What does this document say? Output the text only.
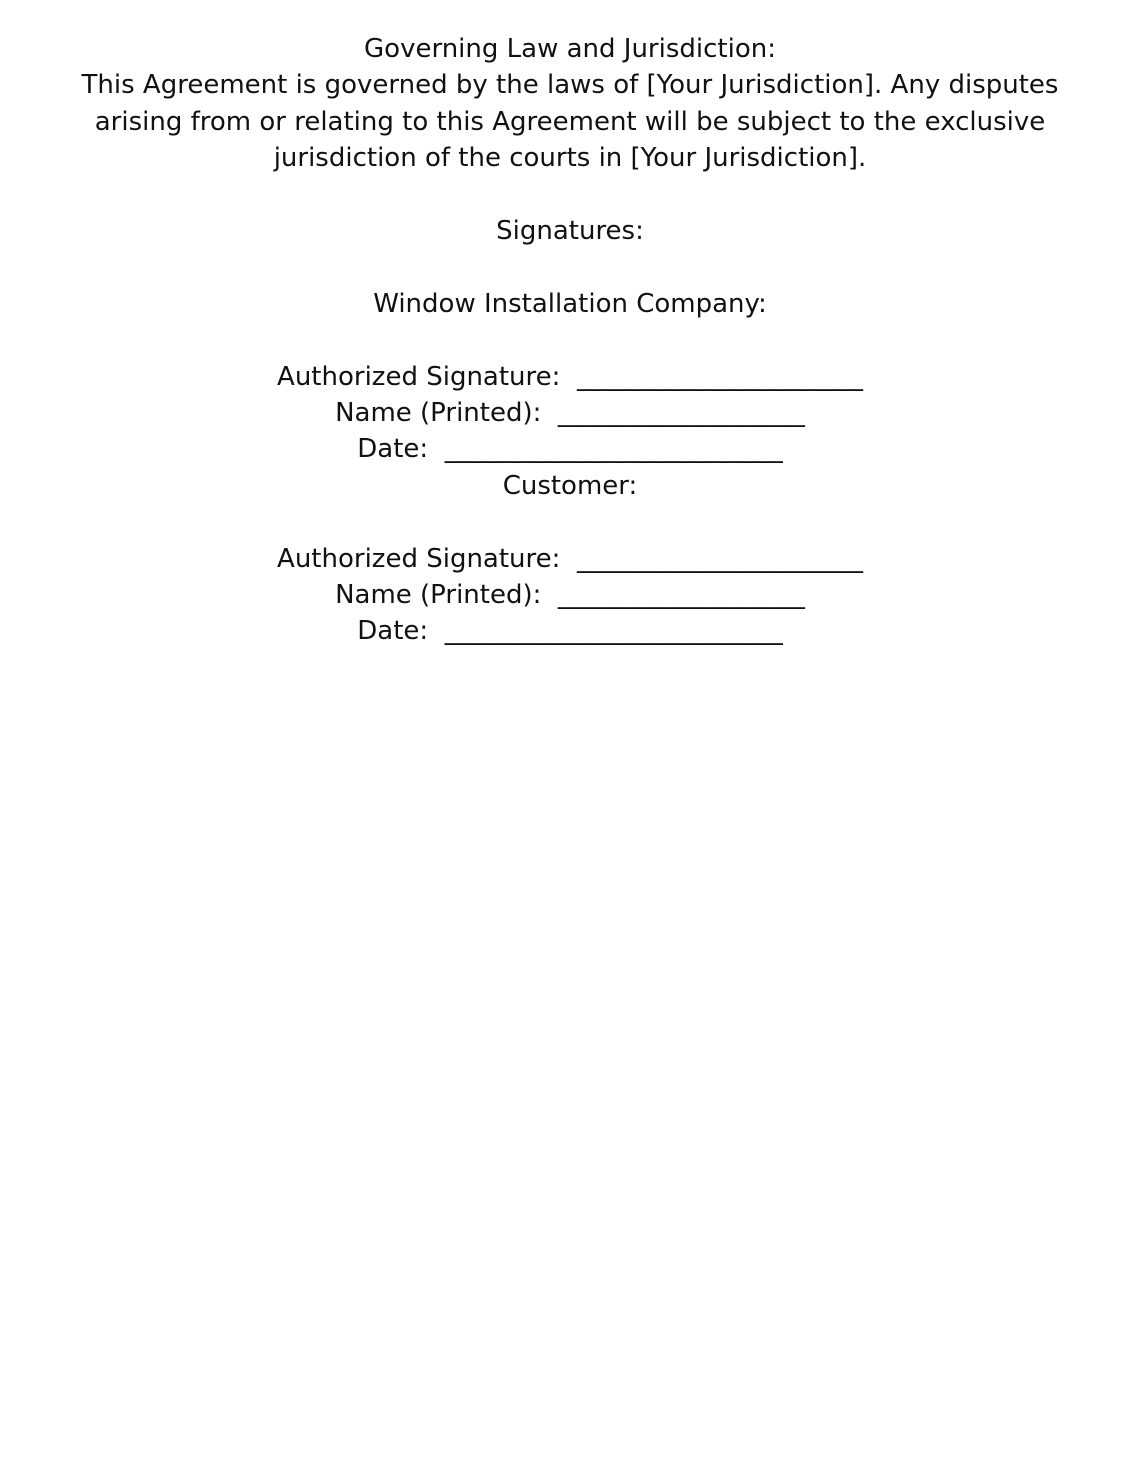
Governing Law and Jurisdiction:
This Agreement is governed by the laws of [Your Jurisdiction]. Any disputes arising from or relating to this Agreement will be subject to the exclusive jurisdiction of the courts in [Your Jurisdiction].
Signatures:
Window Installation Company:
Authorized Signature:  ______________________
Name (Printed):  ___________________
Date:  __________________________
Customer:
Authorized Signature:  ______________________
Name (Printed):  ___________________
Date:  __________________________
